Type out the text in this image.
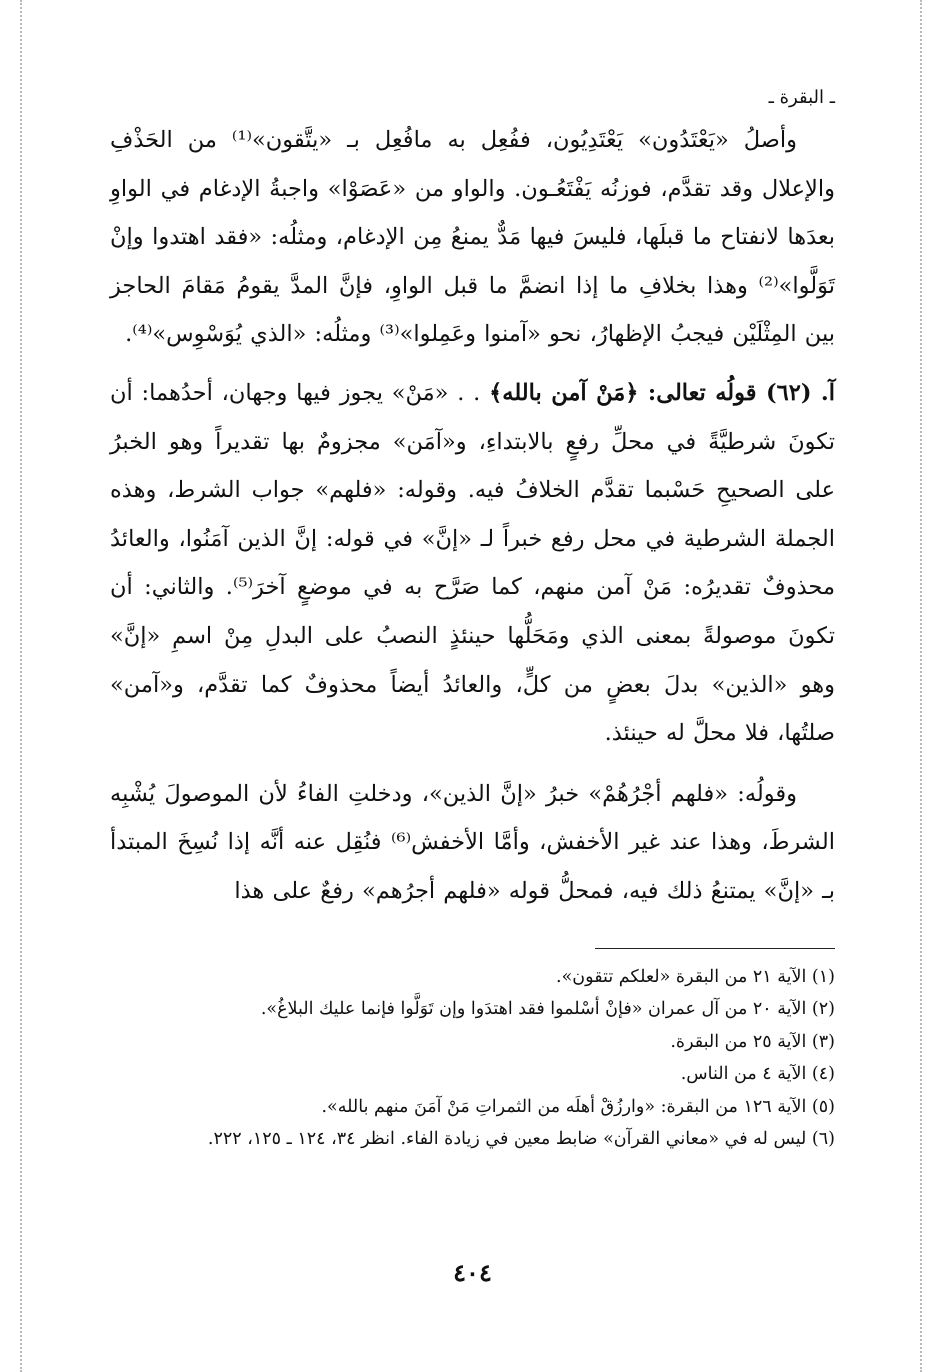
ـ البقرة ـ

وأصلُ «يَعْتَدُون» يَعْتَدِيُون، ففُعِل به مافُعِل بـ «يتَّقون»⁽¹⁾ من الحَذْفِ والإعلال وقد تقدَّم، فوزنُه يَفْتَعُـون. والواو من «عَصَوْا» واجبةُ الإدغام في الواوِ بعدَها لانفتاح ما قبلَها، فليسَ فيها مَدٌّ يمنعُ مِن الإدغام، ومثلُه: «فقد اهتدوا وإنْ تَوَلَّوا»⁽²⁾ وهذا بخلافِ ما إذا انضمَّ ما قبل الواوِ، فإنَّ المدَّ يقومُ مَقامَ الحاجز بين المِثْلَيْن فيجبُ الإظهارُ، نحو «آمنوا وعَمِلوا»⁽³⁾ ومثلُه: «الذي يُوَسْوِس»⁽⁴⁾.

آ. (٦٢) قولُه تعالى: ﴿مَنْ آمن بالله﴾ . . «مَنْ» يجوز فيها وجهان، أحدُهما: أن تكونَ شرطيَّةً في محلِّ رفعٍ بالابتداءِ، و«آمَن» مجزومٌ بها تقديراً وهو الخبرُ على الصحيحِ حَسْبما تقدَّم الخلافُ فيه. وقوله: «فلهم» جواب الشرط، وهذه الجملة الشرطية في محل رفع خبراً لـ «إنَّ» في قوله: إنَّ الذين آمَنُوا، والعائدُ محذوفٌ تقديرُه: مَنْ آمن منهم، كما صَرَّح به في موضعٍ آخرَ⁽⁵⁾. والثاني: أن تكونَ موصولةً بمعنى الذي ومَحَلُّها حينئذٍ النصبُ على البدلِ مِنْ اسمِ «إنَّ» وهو «الذين» بدلَ بعضٍ من كلٍّ، والعائدُ أيضاً محذوفٌ كما تقدَّم، و«آمن» صلتُها، فلا محلَّ له حينئذ.

وقولُه: «فلهم أجْرُهُمْ» خبرُ «إنَّ الذين»، ودخلتِ الفاءُ لأن الموصولَ يُشْبِه الشرطَ، وهذا عند غير الأخفش، وأمَّا الأخفش⁽⁶⁾ فنُقِل عنه أنَّه إذا نُسِخَ المبتدأ بـ «إنَّ» يمتنعُ ذلك فيه، فمحلُّ قوله «فلهم أجرُهم» رفعٌ على هذا

(١) الآية ٢١ من البقرة «لعلكم تتقون».
(٢) الآية ٢٠ من آل عمران «فإنْ أسْلموا فقد اهتدَوا وإن تَوَلَّوا فإنما عليك البلاغُ».
(٣) الآية ٢٥ من البقرة.
(٤) الآية ٤ من الناس.
(٥) الآية ١٢٦ من البقرة: «وارزُقْ أهلَه من الثمراتِ مَنْ آمَنَ منهم بالله».
(٦) ليس له في «معاني القرآن» ضابط معين في زيادة الفاء. انظر ٣٤، ١٢٤ ـ ١٢٥، ٢٢٢.
٤٠٤
